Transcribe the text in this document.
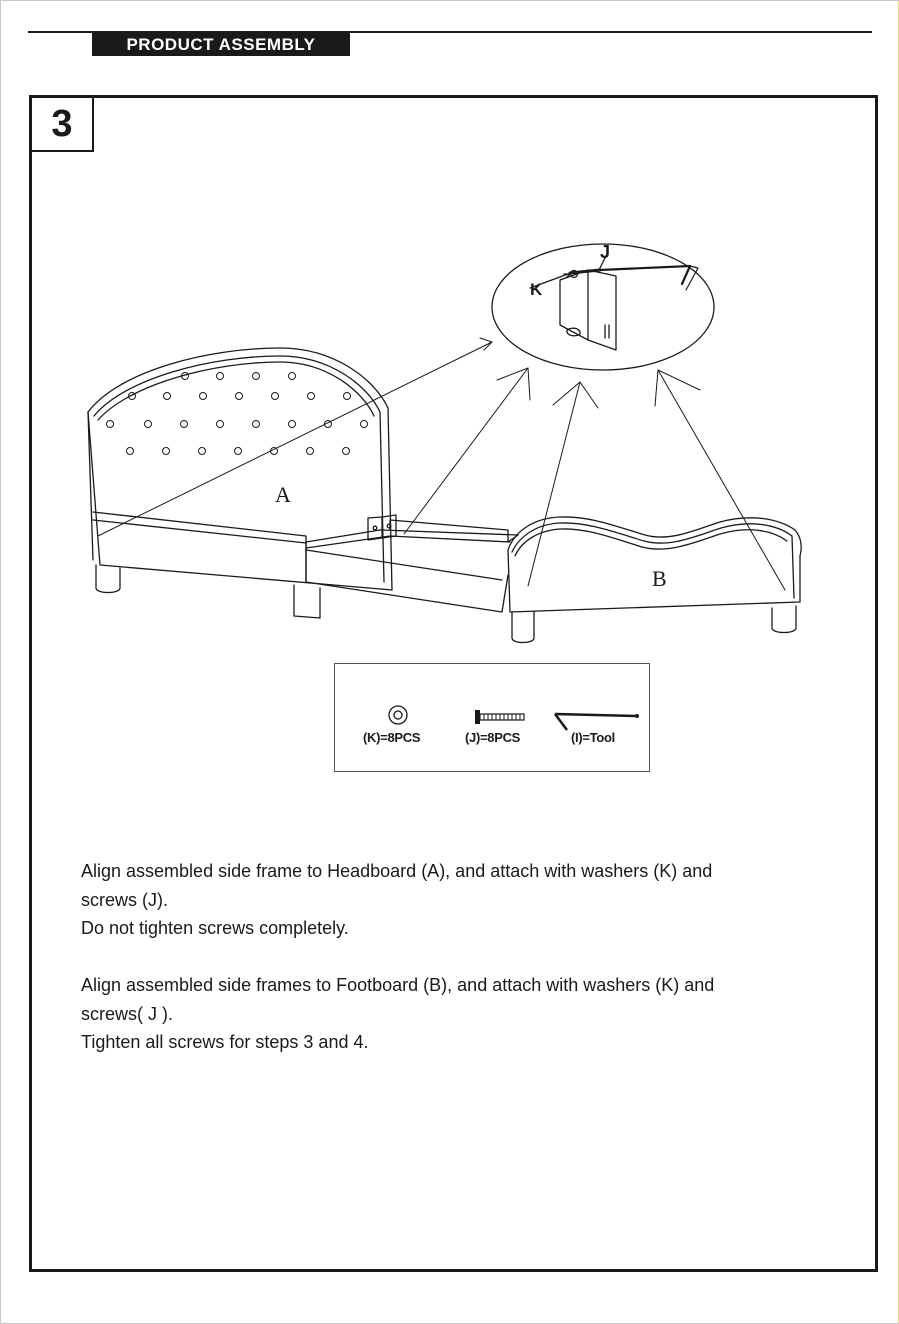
PRODUCT ASSEMBLY
3
A
B
J
K
(K)=8PCS	(J)=8PCS	(I)=Tool

Align assembled side frame to Headboard (A), and attach with washers (K) and

screws (J).

Do not tighten screws completely.

Align assembled side frames to Footboard (B), and attach with washers (K) and

screws( J ).

Tighten all screws for steps 3 and 4.
